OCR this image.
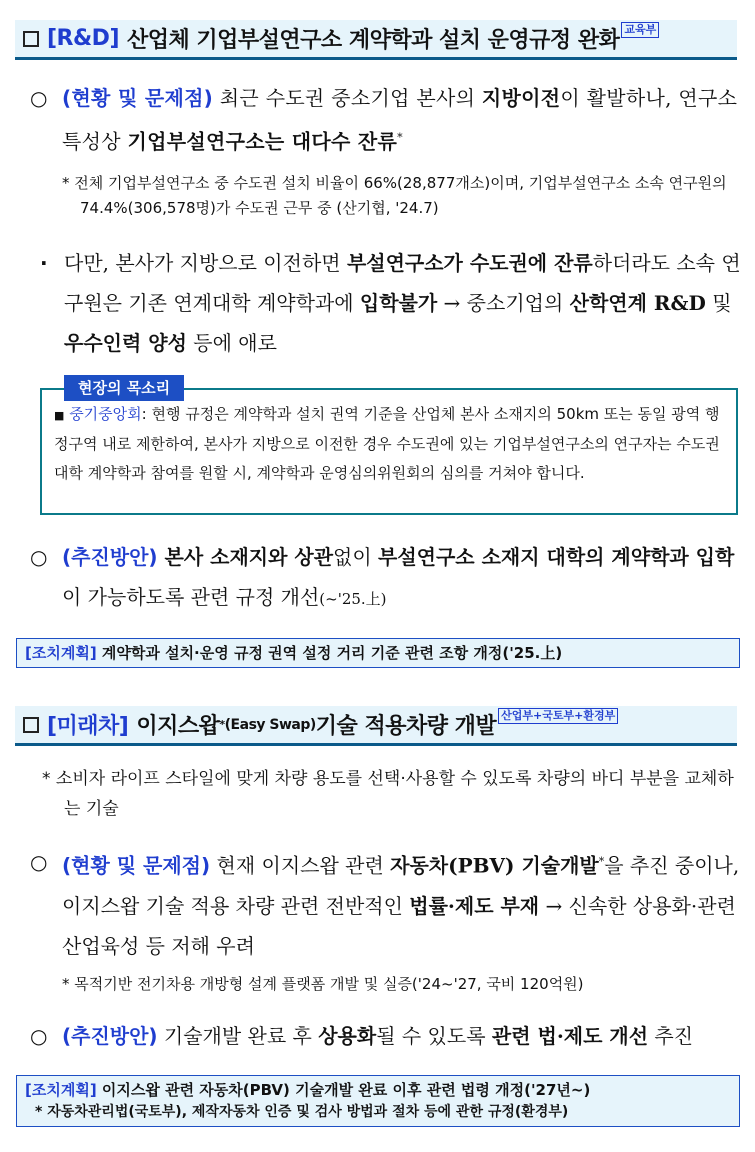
[R&D] 산업체 기업부설연구소 계약학과 설치 운영규정 완화 교육부
○ (현황 및 문제점) 최근 수도권 중소기업 본사의 지방이전이 활발하나, 연구소 특성상 기업부설연구소는 대다수 잔류*
* 전체 기업부설연구소 중 수도권 설치 비율이 66%(28,877개소)이며, 기업부설연구소 소속 연구원의 74.4%(306,578명)가 수도권 근무 중 (산기협, '24.7)
· 다만, 본사가 지방으로 이전하면 부설연구소가 수도권에 잔류하더라도 소속 연구원은 기존 연계대학 계약학과에 입학불가 → 중소기업의 산학연계 R&D 및 우수인력 양성 등에 애로
현장의 목소리
■ 중기중앙회: 현행 규정은 계약학과 설치 권역 기준을 산업체 본사 소재지의 50km 또는 동일 광역 행정구역 내로 제한하여, 본사가 지방으로 이전한 경우 수도권에 있는 기업부설연구소의 연구자는 수도권 대학 계약학과 참여를 원할 시, 계약학과 운영심의위원회의 심의를 거쳐야 합니다.
○ (추진방안) 본사 소재지와 상관없이 부설연구소 소재지 대학의 계약학과 입학이 가능하도록 관련 규정 개선(~'25.上)
[조치계획] 계약학과 설치·운영 규정 권역 설정 거리 기준 관련 조항 개정('25.上)
[미래차] 이지스왑 * (Easy Swap) 기술 적용차량 개발 산업부+국토부+환경부
* 소비자 라이프 스타일에 맞게 차량 용도를 선택·사용할 수 있도록 차량의 바디 부분을 교체하는 기술
○ (현황 및 문제점) 현재 이지스왑 관련 자동차(PBV) 기술개발*을 추진 중이나, 이지스왑 기술 적용 차량 관련 전반적인 법률·제도 부재 → 신속한 상용화·관련 산업육성 등 저해 우려
* 목적기반 전기차용 개방형 설계 플랫폼 개발 및 실증('24~'27, 국비 120억원)
○ (추진방안) 기술개발 완료 후 상용화될 수 있도록 관련 법·제도 개선 추진
[조치계획] 이지스왑 관련 자동차(PBV) 기술개발 완료 이후 관련 법령 개정('27년~)
* 자동차관리법(국토부), 제작자동차 인증 및 검사 방법과 절차 등에 관한 규정(환경부)
